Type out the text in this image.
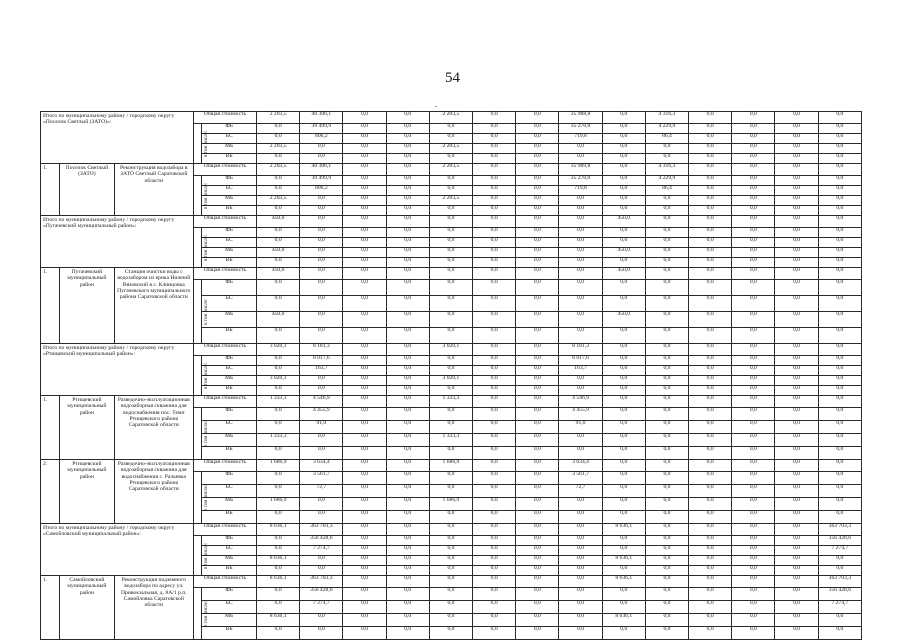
54
.
Итого по муниципальному району / городскому округу «Поселок Светлый (ЗАТО)»:			Общая стоимость		2 203,5	40 306,1	0,0	0,0	2 203,5	0,0	0,0	35 988,8	0,0	4 316,3	0,0	0,0	0,0	0,0
			в том числе:	ФБ	0,0	39 499,9	0,0	0,0	0,0	0,0	0,0	35 270,0	0,0	4 229,9	0,0	0,0	0,0	0,0
				БС	0,0	806,2	0,0	0,0	0,0	0,0	0,0	719,8	0,0	86,4	0,0	0,0	0,0	0,0
				МБ	2 203,5	0,0	0,0	0,0	2 203,5	0,0	0,0	0,0	0,0	0,0	0,0	0,0	0,0	0,0
				ВБ	0,0	0,0	0,0	0,0	0,0	0,0	0,0	0,0	0,0	0,0	0,0	0,0	0,0	0,0
1.	Поселок Светлый (ЗАТО)	Реконструкция водозабора в ЗАТО Светлый Саратовской области	Общая стоимость		2 203,5	40 306,1	0,0	0,0	2 203,5	0,0	0,0	35 989,8	0,0	4 316,3	0,0	0,0	0,0	0,0
			в том числе:	ФБ	0,0	39 499,9	0,0	0,0	0,0	0,0	0,0	35 270,0	0,0	4 229,9	0,0	0,0	0,0	0,0
				БС	0,0	806,2	0,0	0,0	0,0	0,0	0,0	719,8	0,0	86,4	0,0	0,0	0,0	0,0
				МБ	2 203,5	0,0	0,0	0,0	2 203,5	0,0	0,0	0,0	0,0	0,0	0,0	0,0	0,0	0,0
				ВБ	0,0	0,0	0,0	0,0	0,0	0,0	0,0	0,0	0,0	0,0	0,0	0,0	0,0	0,0
Итого по муниципальному району / городскому округу «Пугачевский муниципальный район»:			Общая стоимость		450,0	0,0	0,0	0,0	0,0	0,0	0,0	0,0	450,0	0,0	0,0	0,0	0,0	0,0
			в том числе:	ФБ	0,0	0,0	0,0	0,0	0,0	0,0	0,0	0,0	0,0	0,0	0,0	0,0	0,0	0,0
				БС	0,0	0,0	0,0	0,0	0,0	0,0	0,0	0,0	0,0	0,0	0,0	0,0	0,0	0,0
				МБ	450,0	0,0	0,0	0,0	0,0	0,0	0,0	0,0	450,0	0,0	0,0	0,0	0,0	0,0
				ВБ	0,0	0,0	0,0	0,0	0,0	0,0	0,0	0,0	0,0	0,0	0,0	0,0	0,0	0,0
1.	Пугачевский муниципальный район	Станция очистки воды с водозабором из ерика Нижний Вязовский в с. Клинцовка Пугачевского муниципального района Саратовской области	Общая стоимость		450,0	0,0	0,0	0,0	0,0	0,0	0,0	0,0	450,0	0,0	0,0	0,0	0,0	0,0
			в том числе:	ФБ	0,0	0,0	0,0	0,0	0,0	0,0	0,0	0,0	0,0	0,0	0,0	0,0	0,0	0,0
				БС	0,0	0,0	0,0	0,0	0,0	0,0	0,0	0,0	0,0	0,0	0,0	0,0	0,0	0,0
				МБ	450,0	0,0	0,0	0,0	0,0	0,0	0,0	0,0	450,0	0,0	0,0	0,0	0,0	0,0
				ВБ	0,0	0,0	0,0	0,0	0,0	0,0	0,0	0,0	0,0	0,0	0,0	0,0	0,0	0,0
Итого по муниципальному району / городскому округу «Ртищевский муниципальный район»:			Общая стоимость		3 020,1	8 181,3	0,0	0,0	3 020,1	0,0	0,0	8 181,3	0,0	0,0	0,0	0,0	0,0	0,0
			в том числе:	ФБ	0,0	8 017,6	0,0	0,0	0,0	0,0	0,0	8 017,6	0,0	0,0	0,0	0,0	0,0	0,0
				БС	0,0	163,7	0,0	0,0	0,0	0,0	0,0	163,7	0,0	0,0	0,0	0,0	0,0	0,0
				МБ	3 020,1	0,0	0,0	0,0	3 020,1	0,0	0,0	0,0	0,0	0,0	0,0	0,0	0,0	0,0
				ВБ	0,0	0,0	0,0	0,0	0,0	0,0	0,0	0,0	0,0	0,0	0,0	0,0	0,0	0,0
1.	Ртищевский муниципальный район	Разведочно-эксплуатационная водозаборная скважина для водоснабжения пос. Темп Ртищевского района Саратовской области	Общая стоимость		1 333,3	4 546,9	0,0	0,0	1 333,3	0,0	0,0	4 546,9	0,0	0,0	0,0	0,0	0,0	0,0
			в том числе:	ФБ	0,0	4 455,9	0,0	0,0	0,0	0,0	0,0	4 455,9	0,0	0,0	0,0	0,0	0,0	0,0
				БС	0,0	91,0	0,0	0,0	0,0	0,0	0,0	91,0	0,0	0,0	0,0	0,0	0,0	0,0
				МБ	1 333,3	0,0	0,0	0,0	1 333,3	0,0	0,0	0,0	0,0	0,0	0,0	0,0	0,0	0,0
				ВБ	0,0	0,0	0,0	0,0	0,0	0,0	0,0	0,0	0,0	0,0	0,0	0,0	0,0	0,0
2.	Ртищевский муниципальный район	Разведочно-эксплуатационная водозаборная скважина для водоснабжения с. Ральевка Ртищевского района Саратовской области	Общая стоимость		1 686,9	3 634,4	0,0	0,0	1 686,9	0,0	0,0	3 634,4	0,0	0,0	0,0	0,0	0,0	0,0
			в том числе:	ФБ	0,0	3 561,7	0,0	0,0	0,0	0,0	0,0	3 561,7	0,0	0,0	0,0	0,0	0,0	0,0
				БС	0,0	72,7	0,0	0,0	0,0	0,0	0,0	72,7	0,0	0,0	0,0	0,0	0,0	0,0
				МБ	1 686,9	0,0	0,0	0,0	1 686,9	0,0	0,0	0,0	0,0	0,0	0,0	0,0	0,0	0,0
				ВБ	0,0	0,0	0,0	0,0	0,0	0,0	0,0	0,0	0,0	0,0	0,0	0,0	0,0	0,0
Итого по муниципальному району / городскому округу «Самойловский муниципальный район»:			Общая стоимость		8 636,1	363 703,3	0,0	0,0	0,0	0,0	0,0	0,0	8 636,1	0,0	0,0	0,0	0,0	363 703,3
			в том числе:	ФБ	0,0	356 428,6	0,0	0,0	0,0	0,0	0,0	0,0	0,0	0,0	0,0	0,0	0,0	356 428,6
				БС	0,0	7 274,7	0,0	0,0	0,0	0,0	0,0	0,0	0,0	0,0	0,0	0,0	0,0	7 274,7
				МБ	8 636,1	0,0	0,0	0,0	0,0	0,0	0,0	0,0	8 636,1	0,0	0,0	0,0	0,0	0,0
				ВБ	0,0	0,0	0,0	0,0	0,0	0,0	0,0	0,0	0,0	0,0	0,0	0,0	0,0	0,0
1.	Самойловский муниципальный район	Реконструкция подземного водозабора по адресу ул. Привокзальная, д. 8А/1 р.п. Самойловка Саратовской области	Общая стоимость		8 636,1	363 703,3	0,0	0,0	0,0	0,0	0,0	0,0	8 636,1	0,0	0,0	0,0	0,0	363 703,3
			в том числе:	ФБ	0,0	356 428,6	0,0	0,0	0,0	0,0	0,0	0,0	0,0	0,0	0,0	0,0	0,0	356 428,6
				БС	0,0	7 274,7	0,0	0,0	0,0	0,0	0,0	0,0	0,0	0,0	0,0	0,0	0,0	7 274,7
				МБ	8 636,1	0,0	0,0	0,0	0,0	0,0	0,0	0,0	8 636,1	0,0	0,0	0,0	0,0	0,0
				ВБ	0,0	0,0	0,0	0,0	0,0	0,0	0,0	0,0	0,0	0,0	0,0	0,0	0,0	0,0
